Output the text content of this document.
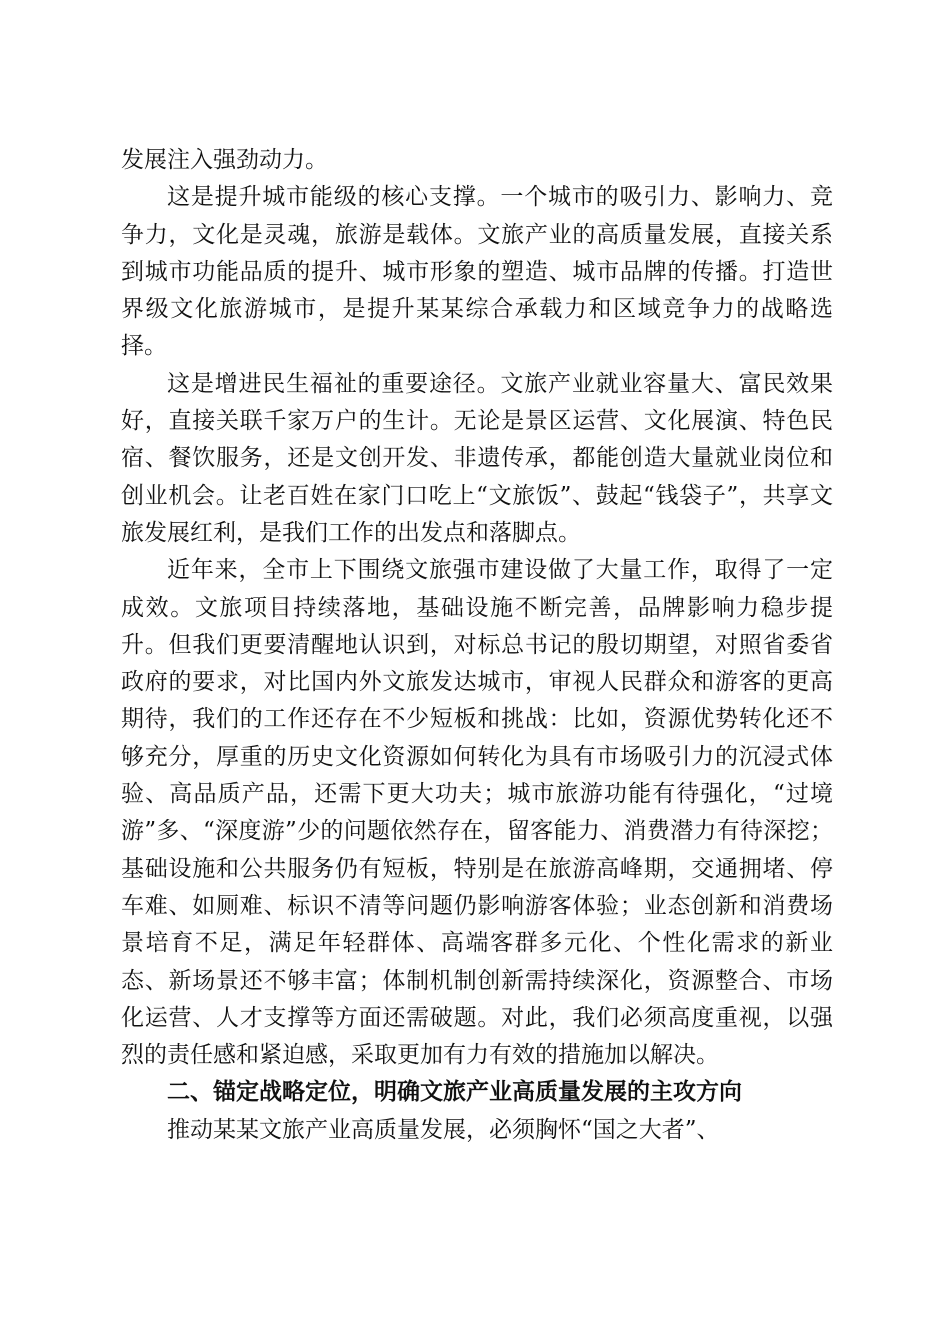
发展注入强劲动力。

这是提升城市能级的核心支撑。一个城市的吸引力、影响力、竞争力，文化是灵魂，旅游是载体。文旅产业的高质量发展，直接关系到城市功能品质的提升、城市形象的塑造、城市品牌的传播。打造世界级文化旅游城市，是提升某某综合承载力和区域竞争力的战略选择。

这是增进民生福祉的重要途径。文旅产业就业容量大、富民效果好，直接关联千家万户的生计。无论是景区运营、文化展演、特色民宿、餐饮服务，还是文创开发、非遗传承，都能创造大量就业岗位和创业机会。让老百姓在家门口吃上“文旅饭”、鼓起“钱袋子”，共享文旅发展红利，是我们工作的出发点和落脚点。

近年来，全市上下围绕文旅强市建设做了大量工作，取得了一定成效。文旅项目持续落地，基础设施不断完善，品牌影响力稳步提升。但我们更要清醒地认识到，对标总书记的殷切期望，对照省委省政府的要求，对比国内外文旅发达城市，审视人民群众和游客的更高期待，我们的工作还存在不少短板和挑战：比如，资源优势转化还不够充分，厚重的历史文化资源如何转化为具有市场吸引力的沉浸式体验、高品质产品，还需下更大功夫；城市旅游功能有待强化，“过境游”多、“深度游”少的问题依然存在，留客能力、消费潜力有待深挖；基础设施和公共服务仍有短板，特别是在旅游高峰期，交通拥堵、停车难、如厕难、标识不清等问题仍影响游客体验；业态创新和消费场景培育不足，满足年轻群体、高端客群多元化、个性化需求的新业态、新场景还不够丰富；体制机制创新需持续深化，资源整合、市场化运营、人才支撑等方面还需破题。对此，我们必须高度重视，以强烈的责任感和紧迫感，采取更加有力有效的措施加以解决。

二、锚定战略定位，明确文旅产业高质量发展的主攻方向

推动某某文旅产业高质量发展，必须胸怀“国之大者”、
